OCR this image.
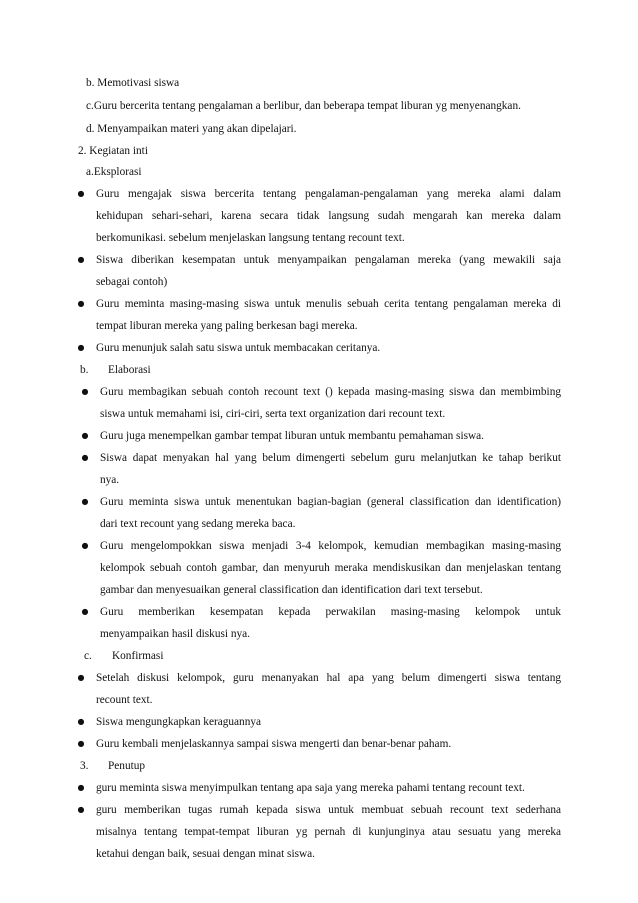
b. Memotivasi siswa
c.Guru bercerita tentang pengalaman a berlibur, dan beberapa tempat liburan yg menyenangkan.
d. Menyampaikan materi yang akan dipelajari.
2. Kegiatan inti
a.Eksplorasi
● Guru mengajak siswa bercerita tentang pengalaman-pengalaman yang mereka alami dalam
kehidupan sehari-sehari, karena secara tidak langsung sudah mengarah kan mereka dalam
berkomunikasi. sebelum menjelaskan langsung tentang recount text.
● Siswa diberikan kesempatan untuk menyampaikan pengalaman mereka (yang mewakili saja
sebagai contoh)
● Guru meminta masing-masing siswa untuk menulis sebuah cerita tentang pengalaman mereka di
tempat liburan mereka yang paling berkesan bagi mereka.
● Guru menunjuk salah satu siswa untuk membacakan ceritanya.
b. Elaborasi
● Guru membagikan sebuah contoh recount text () kepada masing-masing siswa dan membimbing
siswa untuk memahami isi, ciri-ciri, serta text organization dari recount text.
● Guru juga menempelkan gambar tempat liburan untuk membantu pemahaman siswa.
● Siswa dapat menyakan hal yang belum dimengerti sebelum guru melanjutkan ke tahap berikut
nya.
● Guru meminta siswa untuk menentukan bagian-bagian (general classification dan identification)
dari text recount yang sedang mereka baca.
● Guru mengelompokkan siswa menjadi 3-4 kelompok, kemudian membagikan masing-masing
kelompok sebuah contoh gambar, dan menyuruh meraka mendiskusikan dan menjelaskan tentang
gambar dan menyesuaikan general classification dan identification dari text tersebut.
● Guru memberikan kesempatan kepada perwakilan masing-masing kelompok untuk
menyampaikan hasil diskusi nya.
c. Konfirmasi
● Setelah diskusi kelompok, guru menanyakan hal apa yang belum dimengerti siswa tentang
recount text.
● Siswa mengungkapkan keraguannya
● Guru kembali menjelaskannya sampai siswa mengerti dan benar-benar paham.
3. Penutup
● guru meminta siswa menyimpulkan tentang apa saja yang mereka pahami tentang recount text.
● guru memberikan tugas rumah kepada siswa untuk membuat sebuah recount text sederhana
misalnya tentang tempat-tempat liburan yg pernah di kunjunginya atau sesuatu yang mereka
ketahui dengan baik, sesuai dengan minat siswa.
